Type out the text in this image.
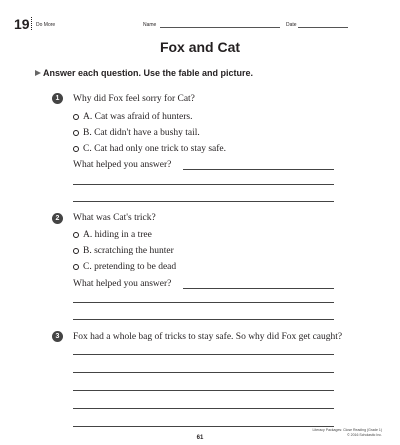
19 Do More	Name	Date
Fox and Cat
Answer each question. Use the fable and picture.
1	Why did Fox feel sorry for Cat?
A. Cat was afraid of hunters.
B. Cat didn't have a bushy tail.
C. Cat had only one trick to stay safe.
What helped you answer?
2	What was Cat's trick?
A. hiding in a tree
B. scratching the hunter
C. pretending to be dead
What helped you answer?
3	Fox had a whole bag of tricks to stay safe. So why did Fox get caught?
61
Literacy Packages: Close Reading (Grade 1)
© 2016 Scholastic Inc.
